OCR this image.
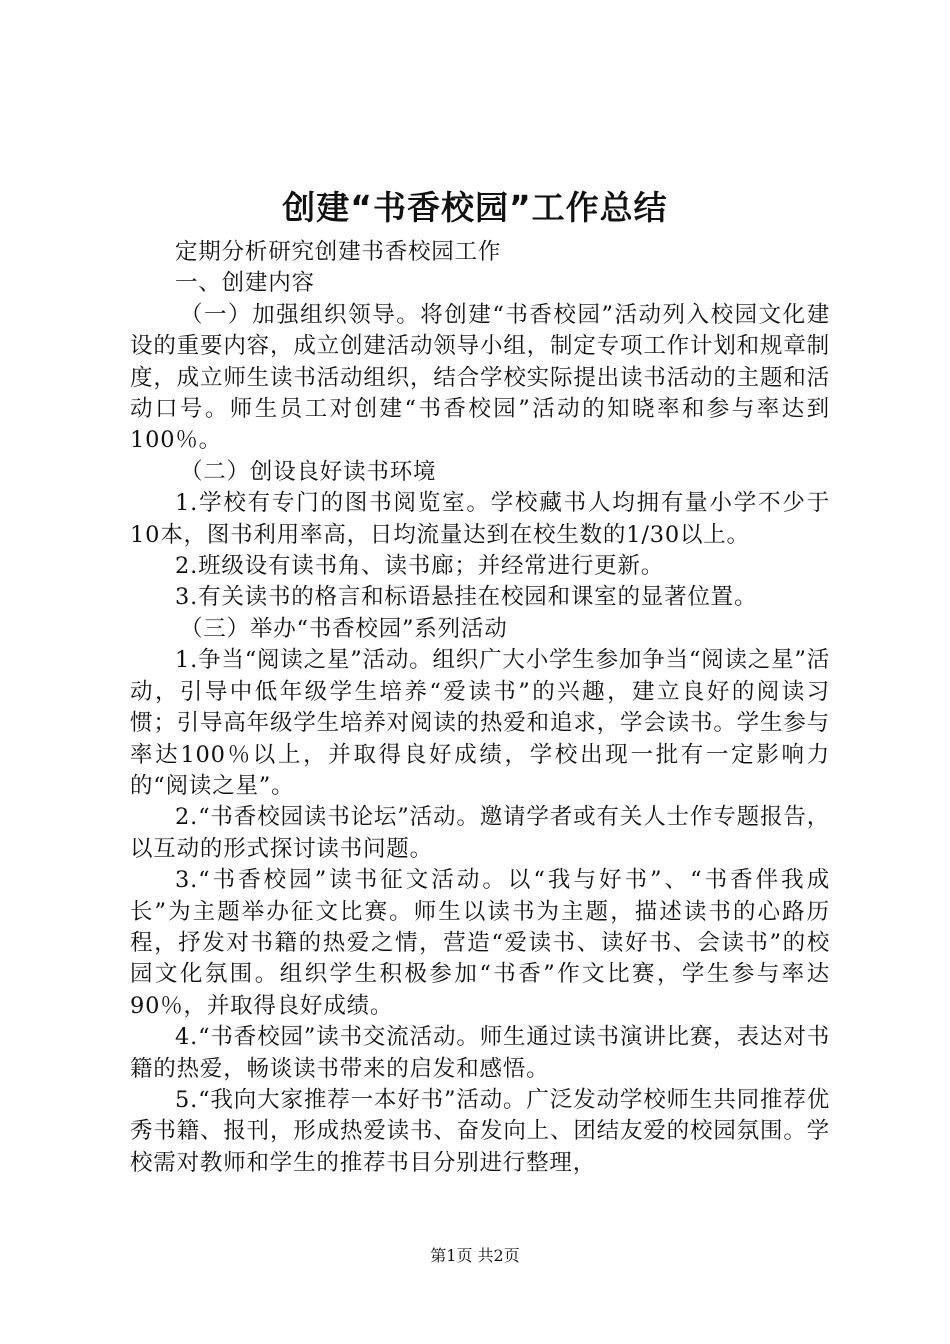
创建“书香校园”工作总结

定期分析研究创建书香校园工作

一、创建内容

（一）加强组织领导。将创建“书香校园”活动列入校园文化建设的重要内容，成立创建活动领导小组，制定专项工作计划和规章制度，成立师生读书活动组织，结合学校实际提出读书活动的主题和活动口号。师生员工对创建“书香校园”活动的知晓率和参与率达到100％。

（二）创设良好读书环境

1.学校有专门的图书阅览室。学校藏书人均拥有量小学不少于10本，图书利用率高，日均流量达到在校生数的1/30以上。

2.班级设有读书角、读书廊；并经常进行更新。

3.有关读书的格言和标语悬挂在校园和课室的显著位置。

（三）举办“书香校园”系列活动

1.争当“阅读之星”活动。组织广大小学生参加争当“阅读之星”活动，引导中低年级学生培养“爱读书”的兴趣，建立良好的阅读习惯；引导高年级学生培养对阅读的热爱和追求，学会读书。学生参与率达100％以上，并取得良好成绩，学校出现一批有一定影响力的“阅读之星”。

2.“书香校园读书论坛”活动。邀请学者或有关人士作专题报告，以互动的形式探讨读书问题。

3.“书香校园”读书征文活动。以“我与好书”、“书香伴我成长”为主题举办征文比赛。师生以读书为主题，描述读书的心路历程，抒发对书籍的热爱之情，营造“爱读书、读好书、会读书”的校园文化氛围。组织学生积极参加“书香”作文比赛，学生参与率达90％，并取得良好成绩。

4.“书香校园”读书交流活动。师生通过读书演讲比赛，表达对书籍的热爱，畅谈读书带来的启发和感悟。

5.“我向大家推荐一本好书”活动。广泛发动学校师生共同推荐优秀书籍、报刊，形成热爱读书、奋发向上、团结友爱的校园氛围。学校需对教师和学生的推荐书目分别进行整理，

第1页 共2页
